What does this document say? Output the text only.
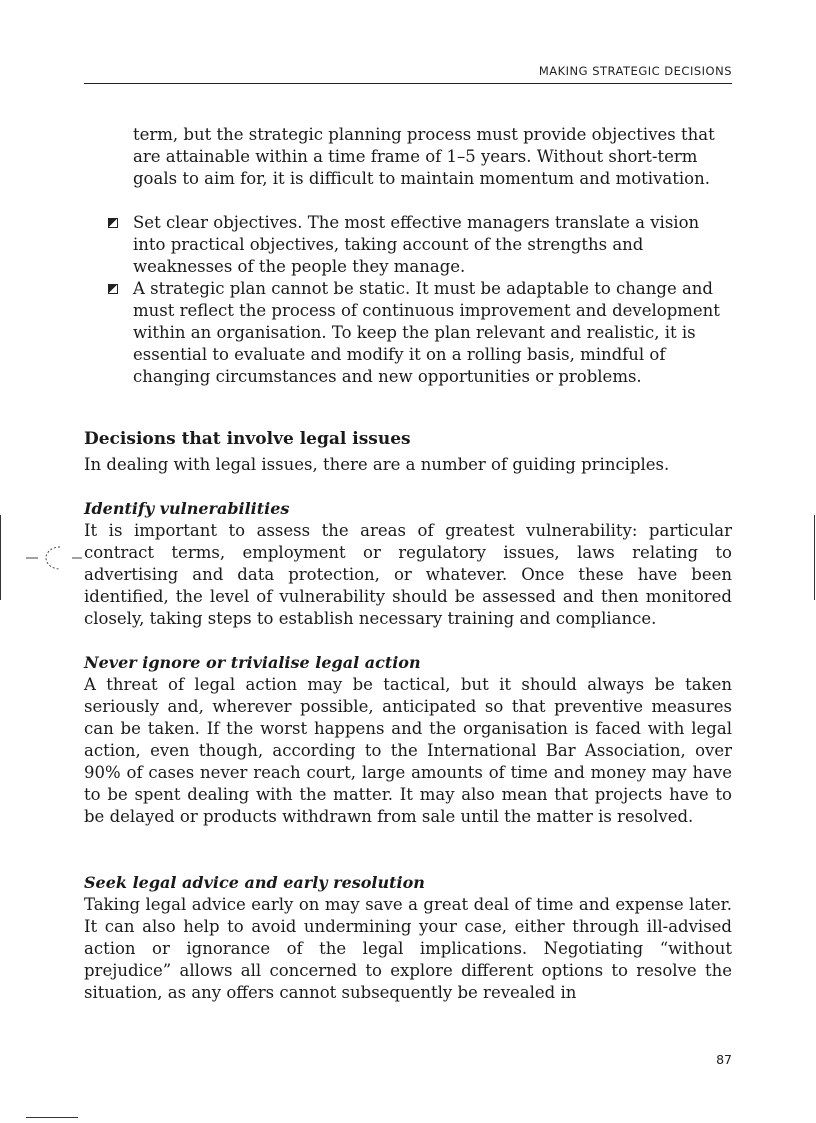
MAKING STRATEGIC DECISIONS
term, but the strategic planning process must provide objectives that are attainable within a time frame of 1–5 years. Without short-term goals to aim for, it is difficult to maintain momentum and motivation.
Set clear objectives. The most effective managers translate a vision into practical objectives, taking account of the strengths and weaknesses of the people they manage.
A strategic plan cannot be static. It must be adaptable to change and must reflect the process of continuous improvement and development within an organisation. To keep the plan relevant and realistic, it is essential to evaluate and modify it on a rolling basis, mindful of changing circumstances and new opportunities or problems.
Decisions that involve legal issues
In dealing with legal issues, there are a number of guiding principles.
Identify vulnerabilities
It is important to assess the areas of greatest vulnerability: particular contract terms, employment or regulatory issues, laws relating to advertising and data protection, or whatever. Once these have been identified, the level of vulnerability should be assessed and then monitored closely, taking steps to establish necessary training and compliance.
Never ignore or trivialise legal action
A threat of legal action may be tactical, but it should always be taken seriously and, wherever possible, anticipated so that preventive measures can be taken. If the worst happens and the organisation is faced with legal action, even though, according to the International Bar Association, over 90% of cases never reach court, large amounts of time and money may have to be spent dealing with the matter. It may also mean that projects have to be delayed or products withdrawn from sale until the matter is resolved.
Seek legal advice and early resolution
Taking legal advice early on may save a great deal of time and expense later. It can also help to avoid undermining your case, either through ill-advised action or ignorance of the legal implications. Negotiating “without prejudice” allows all concerned to explore different options to resolve the situation, as any offers cannot subsequently be revealed in
87
